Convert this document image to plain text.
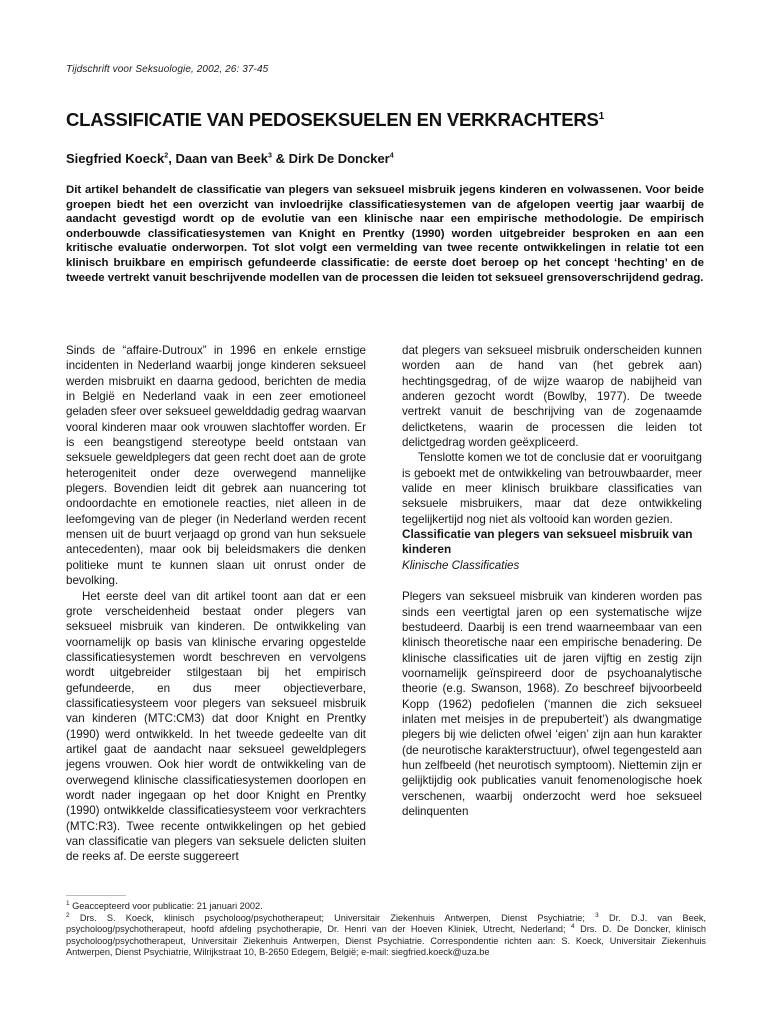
Tijdschrift voor Seksuologie, 2002, 26: 37-45
CLASSIFICATIE VAN PEDOSEKSUELEN EN VERKRACHTERS$^1$
Siegfried Koeck$^2$, Daan van Beek$^3$ & Dirk De Doncker$^4$

Dit artikel behandelt de classificatie van plegers van seksueel misbruik jegens kinderen en volwassenen. Voor beide groepen biedt het een overzicht van invloedrijke classificatiesystemen van de afgelopen veertig jaar waarbij de aandacht gevestigd wordt op de evolutie van een klinische naar een empirische methodologie. De empirisch onderbouwde classificatiesystemen van Knight en Prentky (1990) worden uitgebreider besproken en aan een kritische evaluatie onderworpen. Tot slot volgt een vermelding van twee recente ontwikkelingen in relatie tot een klinisch bruikbare en empirisch gefundeerde classificatie: de eerste doet beroep op het concept ‘hechting’ en de tweede vertrekt vanuit beschrijvende modellen van de processen die leiden tot seksueel grensoverschrijdend gedrag.

Sinds de “affaire-Dutroux” in 1996 en enkele ernstige incidenten in Nederland waarbij jonge kinderen seksueel werden misbruikt en daarna gedood, berichten de media in België en Nederland vaak in een zeer emotioneel geladen sfeer over seksueel gewelddadig gedrag waarvan vooral kinderen maar ook vrouwen slachtoffer worden. Er is een beangstigend stereotype beeld ontstaan van seksuele geweldplegers dat geen recht doet aan de grote heterogeniteit onder deze overwegend mannelijke plegers. Bovendien leidt dit gebrek aan nuancering tot ondoordachte en emotionele reacties, niet alleen in de leefomgeving van de pleger (in Nederland werden recent mensen uit de buurt verjaagd op grond van hun seksuele antecedenten), maar ook bij beleidsmakers die denken politieke munt te kunnen slaan uit onrust onder de bevolking.

Het eerste deel van dit artikel toont aan dat er een grote verscheidenheid bestaat onder plegers van seksueel misbruik van kinderen. De ontwikkeling van voornamelijk op basis van klinische ervaring opgestelde classificatiesystemen wordt beschreven en vervolgens wordt uitgebreider stilgestaan bij het empirisch gefundeerde, en dus meer objectieverbare, classificatiesysteem voor plegers van seksueel misbruik van kinderen (MTC:CM3) dat door Knight en Prentky (1990) werd ontwikkeld. In het tweede gedeelte van dit artikel gaat de aandacht naar seksueel geweldplegers jegens vrouwen. Ook hier wordt de ontwikkeling van de overwegend klinische classificatiesystemen doorlopen en wordt nader ingegaan op het door Knight en Prentky (1990) ontwikkelde classificatiesysteem voor verkrachters (MTC:R3). Twee recente ontwikkelingen op het gebied van classificatie van plegers van seksuele delicten sluiten de reeks af. De eerste suggereert

dat plegers van seksueel misbruik onderscheiden kunnen worden aan de hand van (het gebrek aan) hechtingsgedrag, of de wijze waarop de nabijheid van anderen gezocht wordt (Bowlby, 1977). De tweede vertrekt vanuit de beschrijving van de zogenaamde delictketens, waarin de processen die leiden tot delictgedrag worden geëxpliceerd.

Tenslotte komen we tot de conclusie dat er vooruitgang is geboekt met de ontwikkeling van betrouwbaarder, meer valide en meer klinisch bruikbare classificaties van seksuele misbruikers, maar dat deze ontwikkeling tegelijkertijd nog niet als voltooid kan worden gezien.

Classificatie van plegers van seksueel misbruik van kinderen

Klinische Classificaties

Plegers van seksueel misbruik van kinderen worden pas sinds een veertigtal jaren op een systematische wijze bestudeerd. Daarbij is een trend waarneembaar van een klinisch theoretische naar een empirische benadering. De klinische classificaties uit de jaren vijftig en zestig zijn voornamelijk geïnspireerd door de psychoanalytische theorie (e.g. Swanson, 1968). Zo beschreef bijvoorbeeld Kopp (1962) pedofielen (‘mannen die zich seksueel inlaten met meisjes in de prepuberteit’) als dwangmatige plegers bij wie delicten ofwel ‘eigen’ zijn aan hun karakter (de neurotische karakterstructuur), ofwel tegengesteld aan hun zelfbeeld (het neurotisch symptoom). Niettemin zijn er gelijktijdig ook publicaties vanuit fenomenologische hoek verschenen, waarbij onderzocht werd hoe seksueel delinquenten

$^1$ Geaccepteerd voor publicatie: 21 januari 2002.

$^2$ Drs. S. Koeck, klinisch psycholoog/psychotherapeut; Universitair Ziekenhuis Antwerpen, Dienst Psychiatrie; $^3$ Dr. D.J. van Beek, psycholoog/psychotherapeut, hoofd afdeling psychotherapie, Dr. Henri van der Hoeven Kliniek, Utrecht, Nederland; $^4$ Drs. D. De Doncker, klinisch psycholoog/psychotherapeut, Universitair Ziekenhuis Antwerpen, Dienst Psychiatrie. Correspondentie richten aan: S. Koeck, Universitair Ziekenhuis Antwerpen, Dienst Psychiatrie, Wilrijkstraat 10, B-2650 Edegem, België; e-mail: siegfried.koeck@uza.be
